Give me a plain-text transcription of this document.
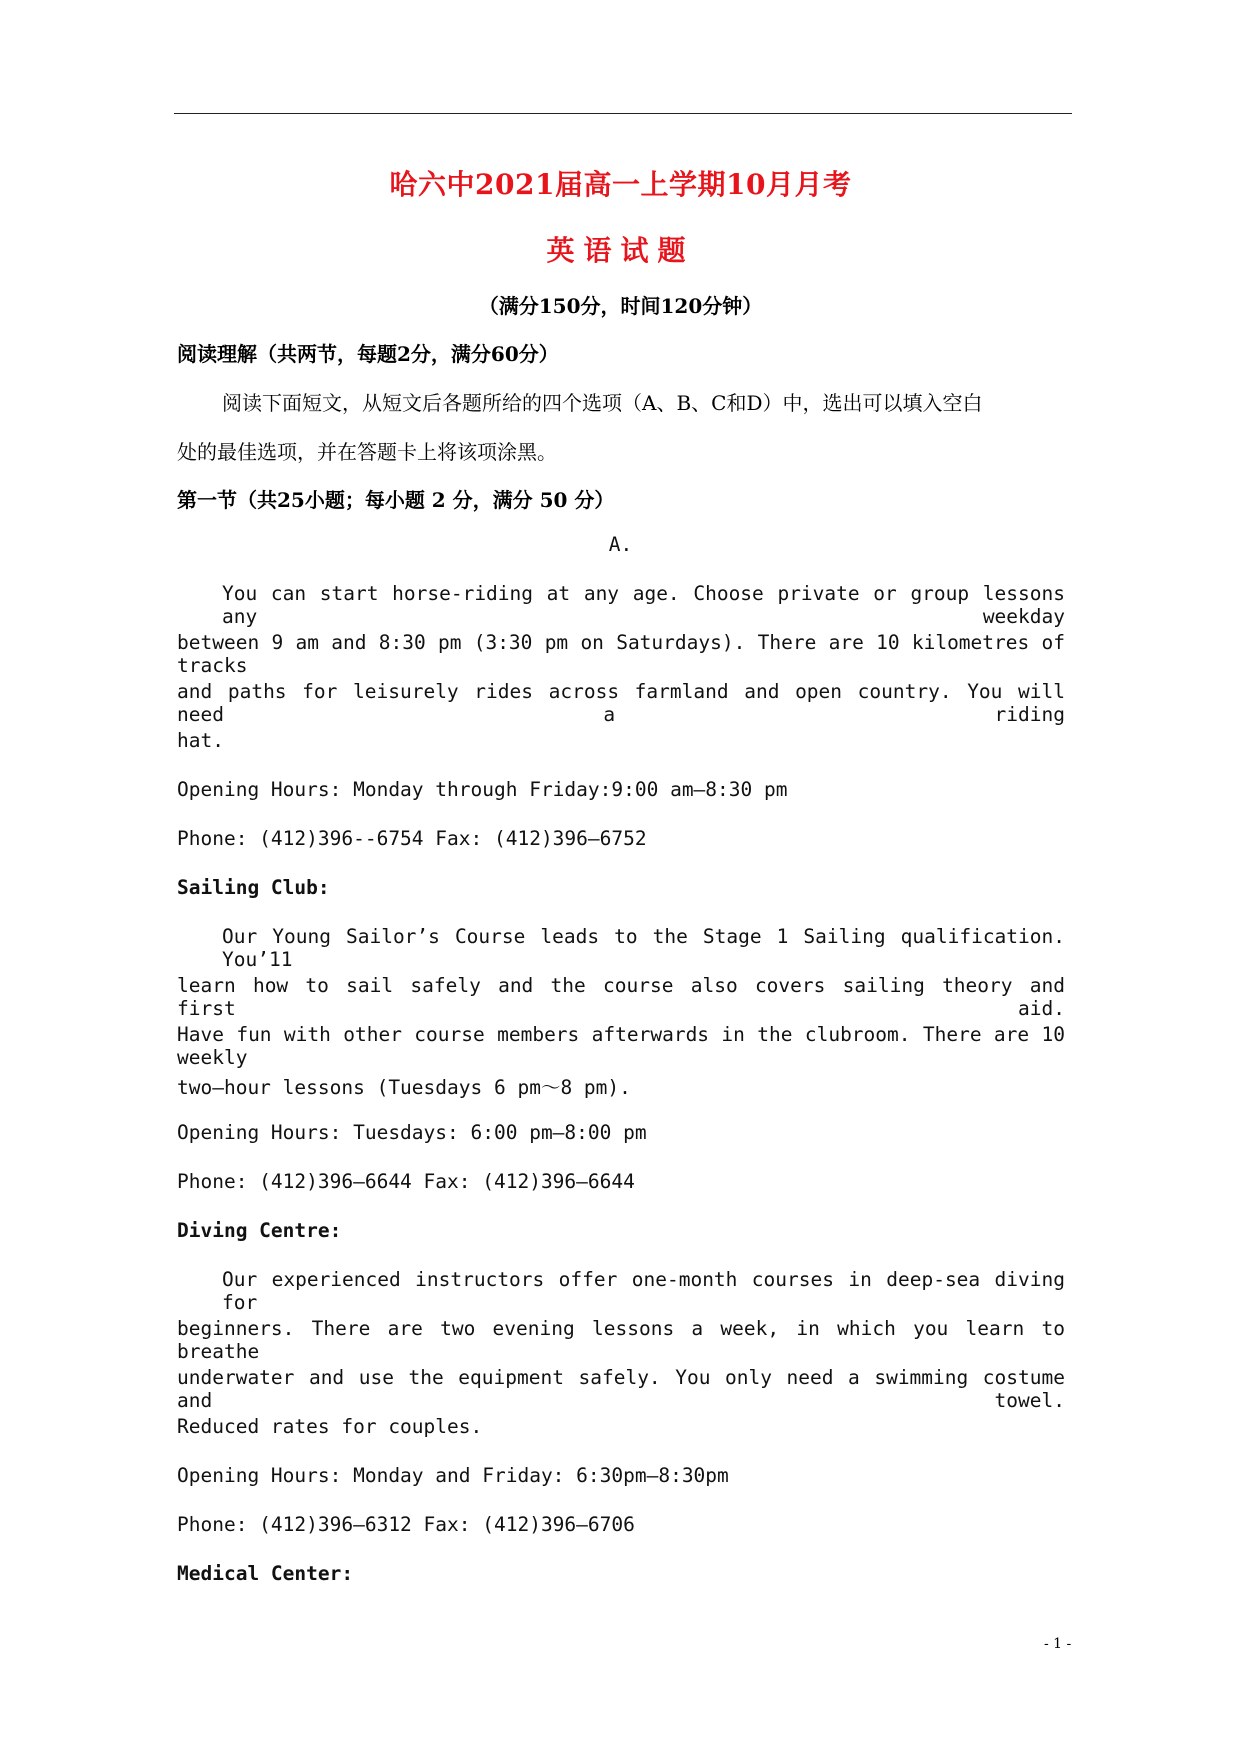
哈六中2021届高一上学期10月月考
英语试题
（满分150分，时间120分钟）
阅读理解（共两节，每题2分，满分60分）
阅读下面短文，从短文后各题所给的四个选项（A、B、C和D）中，选出可以填入空白
处的最佳选项，并在答题卡上将该项涂黑。
第一节（共25小题；每小题 2 分，满分 50 分）
A.
You can start horse-riding at any age. Choose private or group lessons any weekday
between 9 am and 8:30 pm (3:30 pm on Saturdays). There are 10 kilometres of tracks
and paths for leisurely rides across farmland and open country. You will need a riding
hat.
Opening Hours: Monday through Friday:9:00 am—8:30 pm
Phone: (412)396--6754 Fax: (412)396—6752
Sailing Club:
Our Young Sailor’s Course leads to the Stage 1 Sailing qualification. You’11
learn how to sail safely and the course also covers sailing theory and first aid.
Have fun with other course members afterwards in the clubroom. There are 10 weekly
two—hour lessons (Tuesdays 6 pm～8 pm).
Opening Hours: Tuesdays: 6:00 pm—8:00 pm
Phone: (412)396—6644 Fax: (412)396—6644
Diving Centre:
Our experienced instructors offer one-month courses in deep-sea diving for
beginners. There are two evening lessons a week, in which you learn to breathe
underwater and use the equipment safely. You only need a swimming costume and towel.
Reduced rates for couples.
Opening Hours: Monday and Friday: 6:30pm—8:30pm
Phone: (412)396—6312 Fax: (412)396—6706
Medical Center:
- 1 -
